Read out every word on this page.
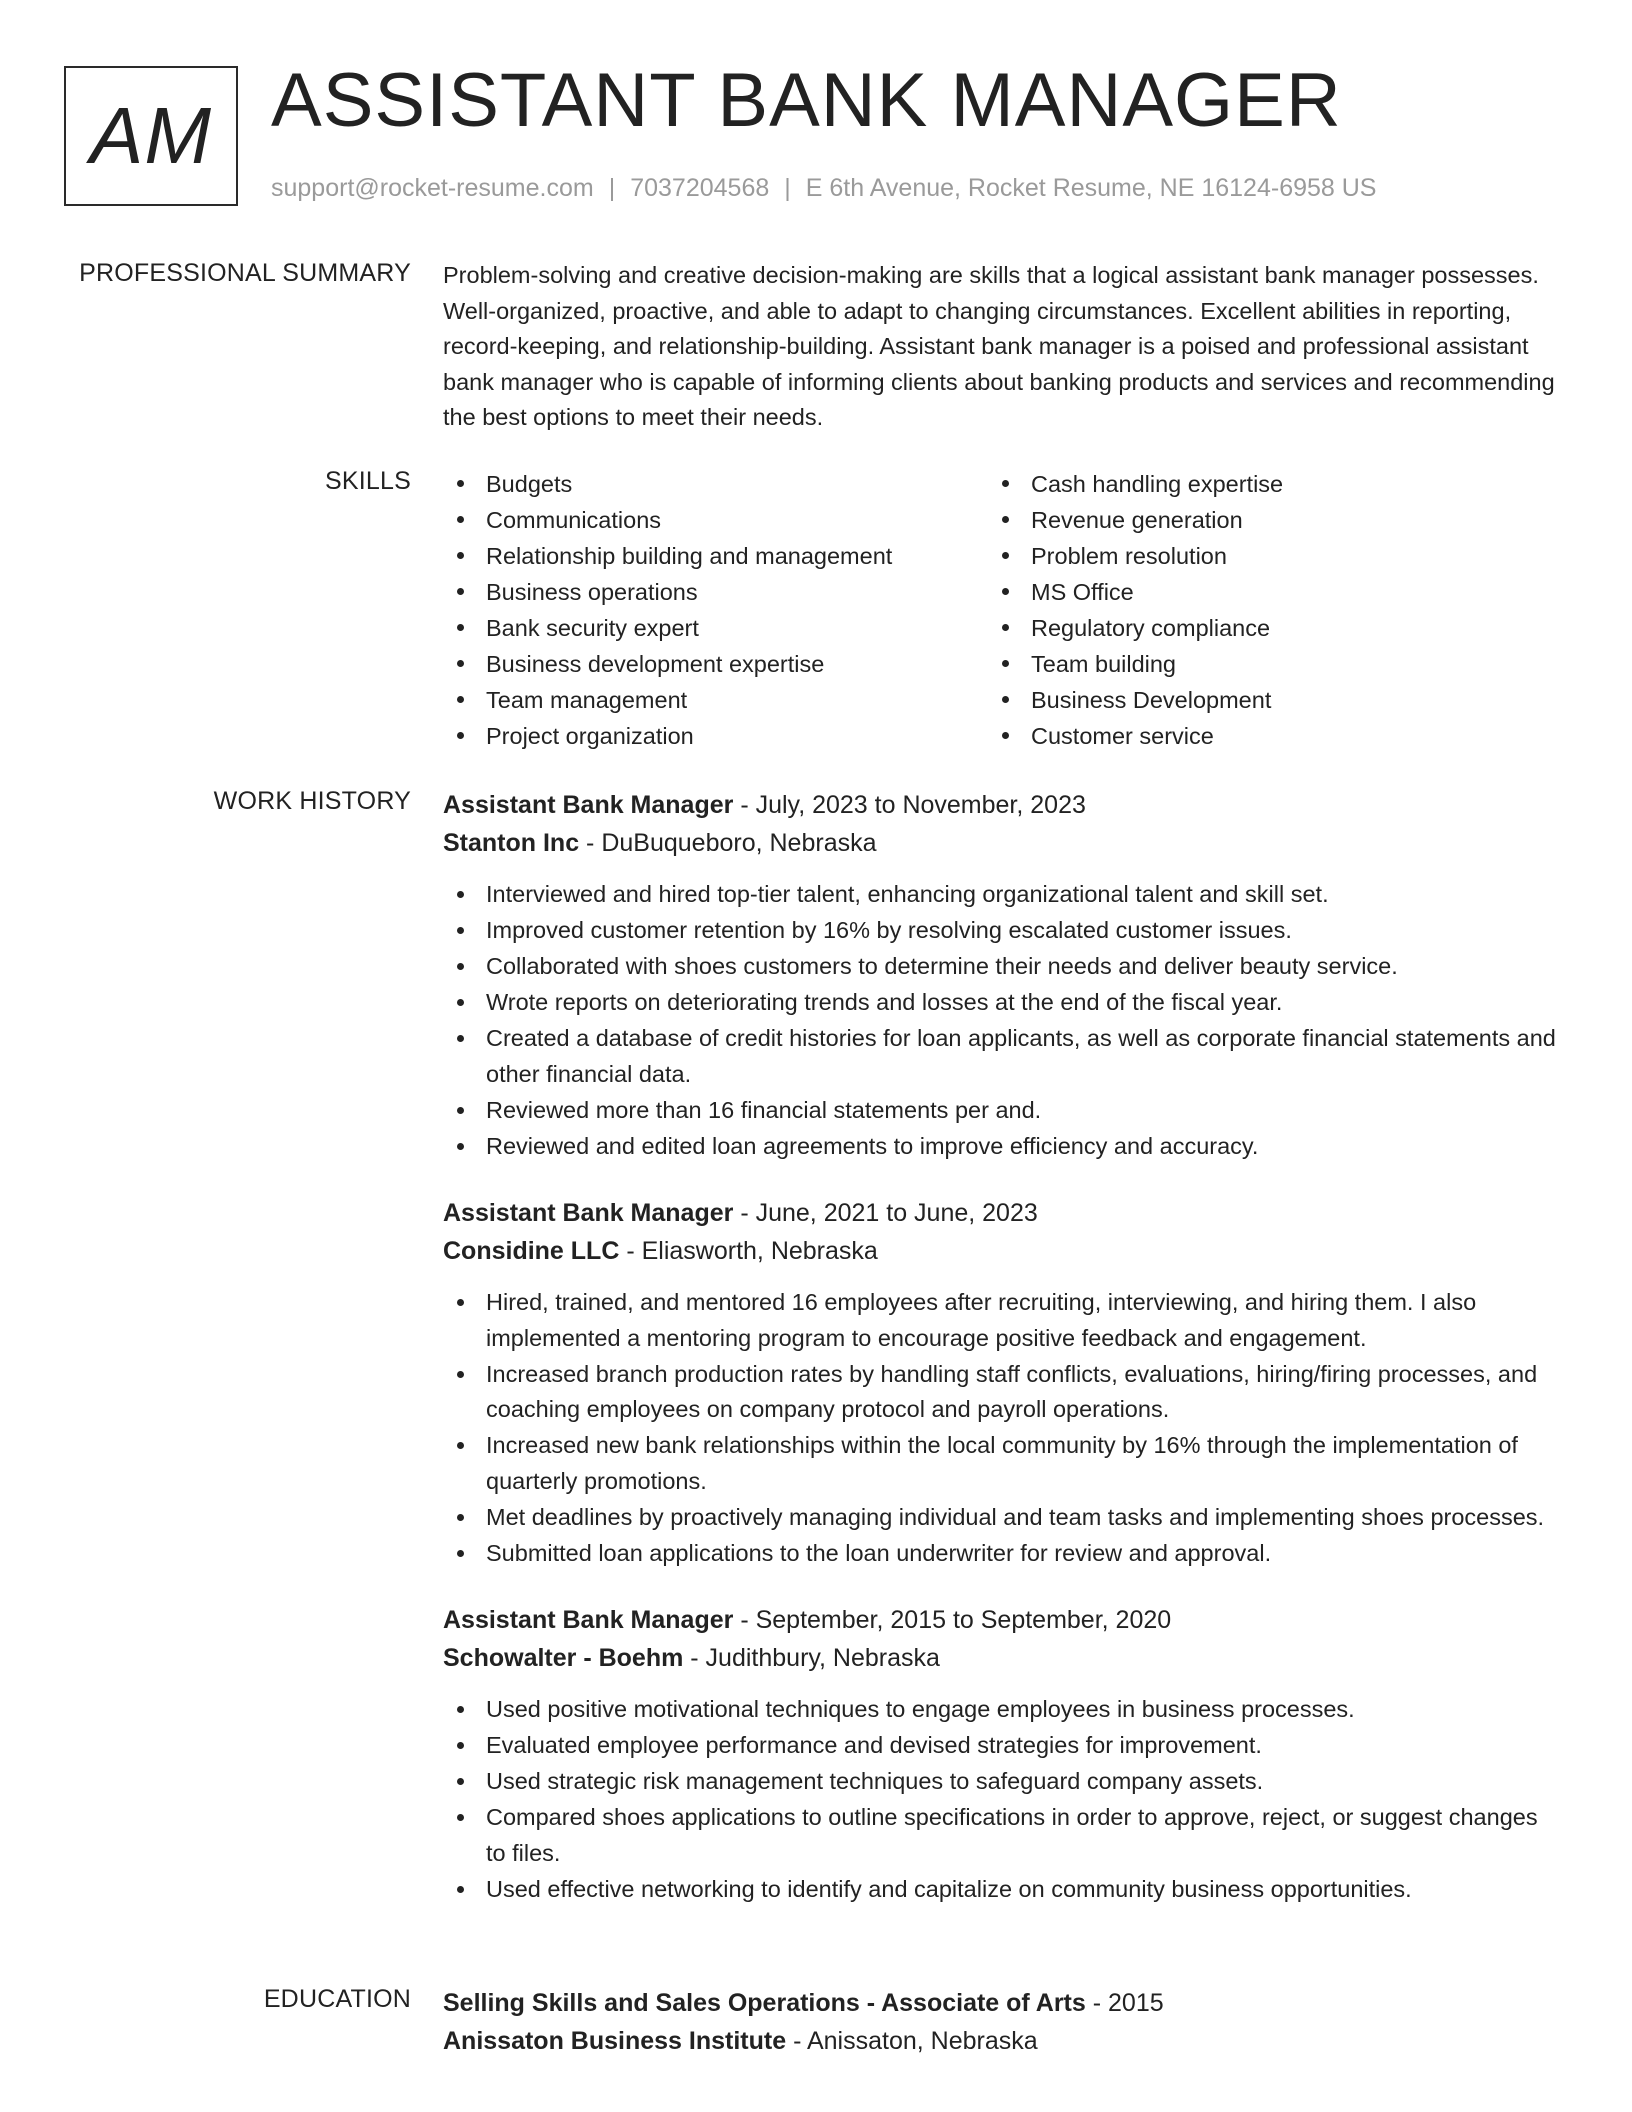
AM ASSISTANT BANK MANAGER
support@rocket-resume.com | 7037204568 | E 6th Avenue, Rocket Resume, NE 16124-6958 US
PROFESSIONAL SUMMARY Problem-solving and creative decision-making are skills that a logical assistant bank manager possesses. Well-organized, proactive, and able to adapt to changing circumstances. Excellent abilities in reporting, record-keeping, and relationship-building. Assistant bank manager is a poised and professional assistant bank manager who is capable of informing clients about banking products and services and recommending the best options to meet their needs.

SKILLS	Budgets
Communications
Relationship building and management
Business operations
Bank security expert
Business development expertise
Team management
Project organization
Cash handling expertise
Revenue generation
Problem resolution
MS Office
Regulatory compliance
Team building
Business Development
Customer service
WORK HISTORY Assistant Bank Manager - July, 2023 to November, 2023
Stanton Inc - DuBuqueboro, Nebraska
Interviewed and hired top-tier talent, enhancing organizational talent and skill set.
Improved customer retention by 16% by resolving escalated customer issues.
Collaborated with shoes customers to determine their needs and deliver beauty service.
Wrote reports on deteriorating trends and losses at the end of the fiscal year.
Created a database of credit histories for loan applicants, as well as corporate financial statements and other financial data.
Reviewed more than 16 financial statements per and.
Reviewed and edited loan agreements to improve efficiency and accuracy.
Assistant Bank Manager - June, 2021 to June, 2023
Considine LLC - Eliasworth, Nebraska
Hired, trained, and mentored 16 employees after recruiting, interviewing, and hiring them. I also implemented a mentoring program to encourage positive feedback and engagement.
Increased branch production rates by handling staff conflicts, evaluations, hiring/firing processes, and coaching employees on company protocol and payroll operations.
Increased new bank relationships within the local community by 16% through the implementation of quarterly promotions.
Met deadlines by proactively managing individual and team tasks and implementing shoes processes.
Submitted loan applications to the loan underwriter for review and approval.
Assistant Bank Manager - September, 2015 to September, 2020
Schowalter - Boehm - Judithbury, Nebraska
Used positive motivational techniques to engage employees in business processes.
Evaluated employee performance and devised strategies for improvement.
Used strategic risk management techniques to safeguard company assets.
Compared shoes applications to outline specifications in order to approve, reject, or suggest changes to files.
Used effective networking to identify and capitalize on community business opportunities.
EDUCATION Selling Skills and Sales Operations - Associate of Arts - 2015
Anissaton Business Institute - Anissaton, Nebraska
